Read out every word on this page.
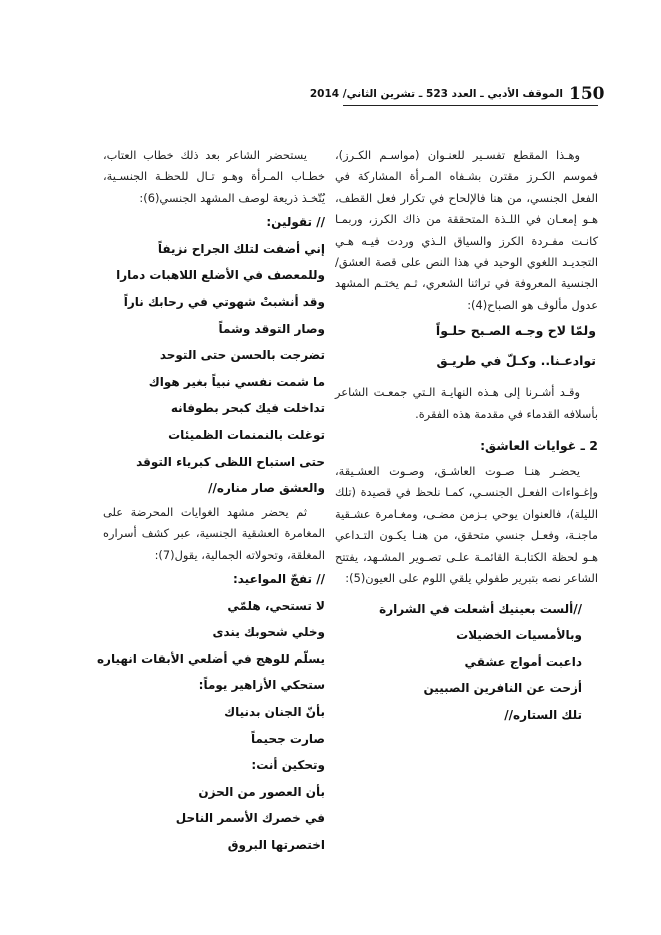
الموقف الأدبي ـ العدد 523 ـ تشرين الثاني/ 2014 150

وهـذا المقطع تفسـير للعنـوان (مواسـم الكـرز)، فموسم الكـرز مقترن بشـفاه المـرأة المشاركة في الفعل الجنسي، من هنا فالإلحاح في تكرار فعل القطف، هـو إمعـان في اللـذة المتحققة من ذاك الكرز، وربمـا كانـت مفـردة الكرز والسياق الـذي وردت فيـه هـي التجديـد اللغوي الوحيد في هذا النص على قصة العشق/ الجنسية المعروفة في تراثنا الشعري، ثـم يختـم المشهد عدول مألوف هو الصباح(4):

ولمّا لاح وجـه الصـبح حلـواً

توادعـنا.. وكـلّ في طريـق

وقـد أشـرنا إلى هـذه النهايـة الـتي جمعـت الشاعر بأسلافه القدماء في مقدمة هذه الفقرة.

2 ـ غوايات العاشق:

يحضـر هنـا صـوت العاشـق، وصـوت العشـيقة، وإغـواءات الفعـل الجنسـي، كمـا نلحظ في قصيدة (تلك الليلة)، فالعنوان يوحي بـزمن مضـى، ومغـامرة عشـقية ماجنـة، وفعـل جنسي متحقق، من هنـا يكـون التـداعي هـو لحظة الكتابـة القائمـة علـى تصـوير المشـهد، يفتتح الشاعر نصه بتبرير طفولي يلقي اللوم على العيون(5):

//ألست بعينيك أشعلت في الشرارة
وبالأمسيات الخضيلات
داعبت أمواج عشقي
أزحت عن النافرين الصبيين
تلك الستاره//

يستحضر الشاعر بعد ذلك خطاب العتاب، خطـاب المـرأة وهـو تـال للحظـة الجنسـية، يُتّخـذ ذريعة لوصف المشهد الجنسي(6):

// تقولين:
إني أضفت لتلك الجراح نزيفاً
وللمعصف في الأضلع اللاهبات دمارا
وقد أنشبتْ شهوتي في رحابك ناراً
وصار التوقد وشماً
تضرجت بالحسن حتى التوحد
ما شمت نفسي نبياً بغير هواك
تداخلت فيك كبحر بطوفانه
توغلت بالنمنمات الظميئات
حتى استباح اللظى كبرياء التوقد
والعشق صار مناره//

ثم يحضر مشهد الغوايات المحرضة على المغامرة العشقية الجنسية، عبر كشف أسراره المغلقة، وتحولاته الجمالية، يقول(7):

// تفجّ المواعيد:
لا تستحي، هلمّي
وخلي شحوبك يندى
يسلّم للوهج في أضلعي الأبقات انهياره
ستحكي الأزاهير يوماً:
بأنّ الجنان بدنياك
صارت جحيماً
وتحكين أنت:
بأن العصور من الحزن
في خصرك الأسمر الناحل
اختصرتها البروق
